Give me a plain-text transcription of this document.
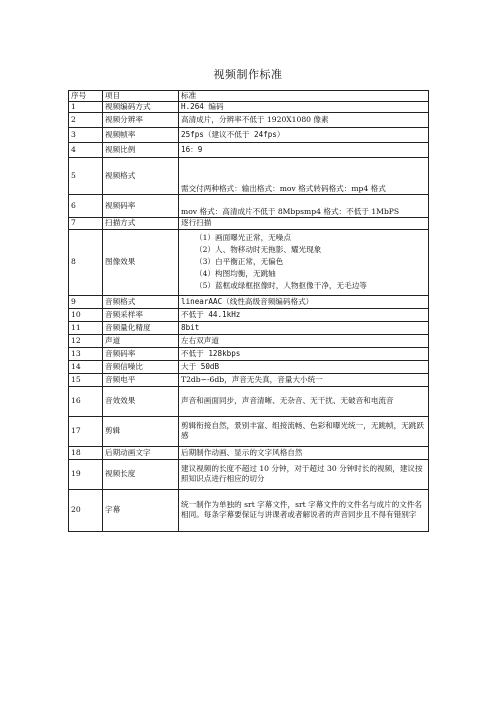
视频制作标准
序号	项目	标准
1	视频编码方式	H.264 编码
2	视频分辨率	高清成片，分辨率不低于 1920X1080 像素
3	视频帧率	25fps（建议不低于 24fps）
4	视频比例	16：9
5	视频格式	需交付两种格式：输出格式：mov 格式转码格式：mp4 格式
6	视频码率	mov 格式：高清成片不低于 8Mbpsmp4 格式：不低于 1MbPS
7	扫描方式	逐行扫描
8	图像效果	（1）画面曝光正常，无噪点
（2）人、物移动时无拖影、耀光现象
（3）白平衡正常，无偏色
（4）构图均衡，无跳轴
（5）蓝框或绿框抠像时，人物抠像干净，无毛边等

9	音频格式	linearAAC（线性高级音频编码格式）
10	音频采样率	不低于 44.1kHz
11	音频量化精度	8bit
12	声道	左右双声道
13	音频码率	不低于 128kbps
14	音频信噪比	大于 50dB
15	音频电平	T2db∽-6db，声音无失真，音量大小统一
16	音效效果	声音和画面同步，声音清晰、无杂音、无干扰、无破音和电流音
17	剪辑	剪辑衔接自然，景别丰富、组接流畅、色彩和曝光统一，无跳帧，无跳跃感
18	后期动画文字	后期制作动画、显示的文字风格自然
19	视频长度	建议视频的长度不超过 10 分钟，对于超过 30 分钟时长的视频，建议按照知识点进行相应的切分
20	字幕	统一制作为单独的 srt 字幕文件，srt 字幕文件的文件名与成片的文件名相同。每条字幕要保证与讲课者或者解说者的声音同步且不得有错别字
